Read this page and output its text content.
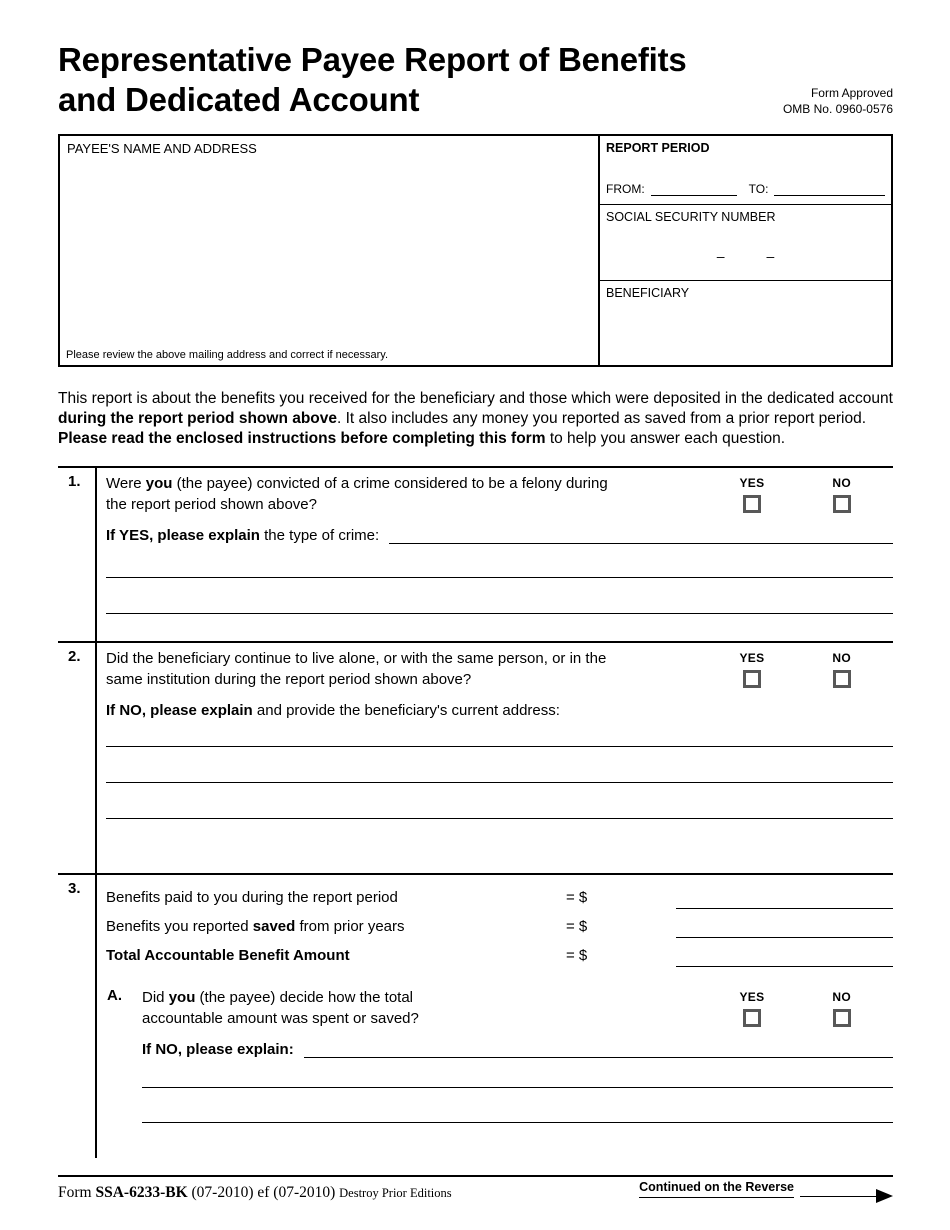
Representative Payee Report of Benefits
and Dedicated Account	Form Approved
OMB No. 0960-0576
PAYEE'S NAME AND ADDRESS
Please review the above mailing address and correct if necessary.
REPORT PERIOD
FROM:	TO:
SOCIAL SECURITY NUMBER
–	–
BENEFICIARY

This report is about the benefits you received for the beneficiary and those which were deposited in the dedicated account during the report period shown above. It also includes any money you reported as saved from a prior report period. Please read the enclosed instructions before completing this form to help you answer each question.

1.	Were you (the payee) convicted of a crime considered to be a felony during the report period shown above?
YES	NO
If YES, please explain the type of crime:
2.	Did the beneficiary continue to live alone, or with the same person, or in the same institution during the report period shown above?
YES	NO
If NO, please explain and provide the beneficiary's current address:
3.
Benefits paid to you during the report period	= $
Benefits you reported saved from prior years	= $
Total Accountable Benefit Amount	= $
A.	Did you (the payee) decide how the total accountable amount was spent or saved?
YES	NO
If NO, please explain:
Form SSA-6233-BK (07-2010) ef (07-2010) Destroy Prior Editions	Continued on the Reverse
